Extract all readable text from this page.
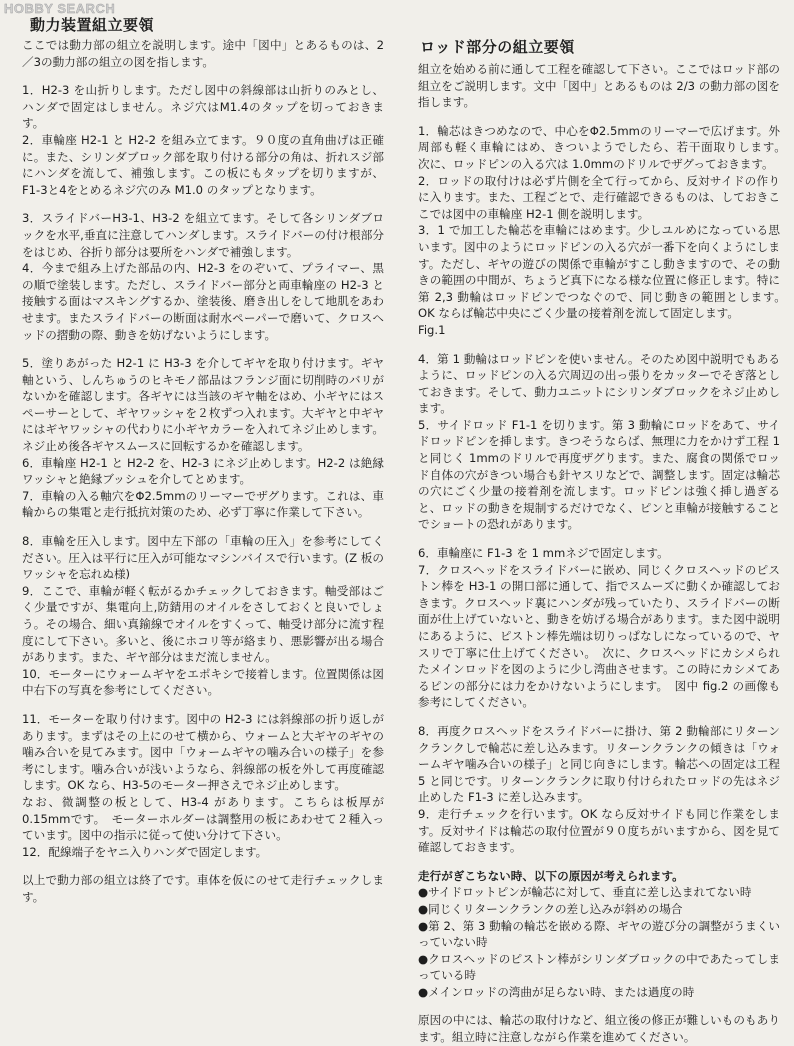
HOBBY SEARCH
動力装置組立要領

ここでは動力部の組立を説明します。途中「図中」とあるものは、2／3の動力部の組立の図を指します。

1．H2-3 を山折りします。ただし図中の斜線部は山折りのみとし、ハンダで固定はしません。ネジ穴はM1.4のタップを切っておきます。

2．車輪座 H2-1 と H2-2 を組み立てます。９０度の直角曲げは正確に。また、シリンダブロック部を取り付ける部分の角は、折れスジ部にハンダを流して、補強します。この板にもタップを切りますが、F1-3と4をとめるネジ穴のみ M1.0 のタップとなります。

3．スライドバーH3-1、H3-2 を組立てます。そして各シリンダブロックを水平,垂直に注意してハンダします。スライドバーの付け根部分をはじめ、谷折り部分は要所をハンダで補強します。

4．今まで組み上げた部品の内、H2-3 をのぞいて、プライマー、黒の順で塗装します。ただし、スライドバー部分と両車輪座の H2-3 と接触する面はマスキングするか、塗装後、磨き出しをして地肌をあわせます。またスライドバーの断面は耐水ペーパーで磨いて、クロスヘッドの摺動の際、動きを妨げないようにします。

5．塗りあがった H2-1 に H3-3 を介してギヤを取り付けます。ギヤ軸という、しんちゅうのヒキモノ部品はフランジ面に切削時のバリがないかを確認します。各ギヤには当該のギヤ軸をはめ、小ギヤにはスペーサーとして、ギヤワッシャを２枚ずつ入れます。大ギヤと中ギヤにはギヤワッシャの代わりに小ギヤカラーを入れてネジ止めします。ネジ止め後各ギヤスムースに回転するかを確認します。

6．車輪座 H2-1 と H2-2 を、H2-3 にネジ止めします。H2-2 は絶縁ワッシャと絶縁ブッシュを介してとめます。

7．車輪の入る軸穴をΦ2.5mmのリーマーでザグります。これは、車輪からの集電と走行抵抗対策のため、必ず丁寧に作業して下さい。

8．車輪を圧入します。図中左下部の「車輪の圧入」を参考にしてください。圧入は平行に圧入が可能なマシンバイスで行います。(Z 板のワッシャを忘れぬ様)

9．ここで、車輪が軽く転がるかチェックしておきます。軸受部はごく少量ですが、集電向上,防錆用のオイルをさしておくと良いでしょう。その場合、細い真鍮線でオイルをすくって、軸受け部分に流す程度にして下さい。多いと、後にホコリ等が絡まり、悪影響が出る場合があります。また、ギヤ部分はまだ流しません。

10．モーターにウォームギヤをエポキシで接着します。位置関係は図中右下の写真を参考にしてください。

11．モーターを取り付けます。図中の H2-3 には斜線部の折り返しがあります。まずはその上にのせて横から、ウォームと大ギヤのギヤの噛み合いを見てみます。図中「ウォームギヤの噛み合いの様子」を参考にします。噛み合いが浅いようなら、斜線部の板を外して再度確認します。OK なら、H3-5のモーター押さえでネジ止めします。

なお、微調整の板として、H3-4 があります。こちらは板厚が0.15mmです。　モーターホルダーは調整用の板にあわせて２種入っています。図中の指示に従って使い分けて下さい。

12．配線端子をヤニ入りハンダで固定します。

以上で動力部の組立は終了です。車体を仮にのせて走行チェックします。

ロッド部分の組立要領

組立を始める前に通して工程を確認して下さい。ここではロッド部の組立をご説明します。文中「図中」とあるものは 2/3 の動力部の図を指します。

1．輪芯はきつめなので、中心をΦ2.5mmのリーマーで広げます。外周部も軽く車輪にはめ、きついようでしたら、若干面取りします。　次に、ロッドピンの入る穴は 1.0mmのドリルでザグっておきます。

2．ロッドの取付けは必ず片側を全て行ってから、反対サイドの作りに入ります。また、工程ごとで、走行確認できるものは、しておきここでは図中の車輪座 H2-1 側を説明します。

3．1 で加工した輪芯を車輪にはめます。少しユルめになっている思います。図中のようにロッドピンの入る穴が一番下を向くようにします。ただし、ギヤの遊びの関係で車輪がすこし動きますので、その動きの範囲の中間が、ちょうど真下になる様な位置に修正します。特に第 2,3 動輪はロッドピンでつなぐので、同じ動きの範囲とします。　OK ならば輪芯中央にごく少量の接着剤を流して固定します。

Fig.1

4．第 1 動輪はロッドピンを使いません。そのため図中説明でもあるように、ロッドピンの入る穴周辺の出っ張りをカッターでそぎ落としておきます。そして、動力ユニットにシリンダブロックをネジ止めします。

5．サイドロッド F1-1 を切ります。第 3 動輪にロッドをあて、サイドロッドピンを挿します。きつそうならば、無理に力をかけず工程 1 と同じく 1mmのドリルで再度ザグります。また、腐食の関係でロッド自体の穴がきつい場合も針ヤスリなどで、調整します。固定は輪芯の穴にごく少量の接着剤を流します。ロッドピンは強く挿し過ぎると、ロッドの動きを規制するだけでなく、ピンと車輪が接触することでショートの恐れがあります。

6．車輪座に F1-3 を 1 mmネジで固定します。

7．クロスヘッドをスライドバーに嵌め、同じくクロスヘッドのピストン棒を H3-1 の開口部に通して、指でスムーズに動くか確認しておきます。クロスヘッド裏にハンダが残っていたり、スライドバーの断面が仕上げていないと、動きを妨げる場合があります。また図中説明にあるように、ピストン棒先端は切りっぱなしになっているので、ヤスリで丁寧に仕上げてください。　次に、クロスヘッドにカシメられたメインロッドを図のように少し湾曲させます。この時にカシメてあるピンの部分には力をかけないようにします。　図中 fig.2 の画像も参考にしてください。

8．再度クロスヘッドをスライドバーに掛け、第 2 動輪部にリターンクランクしで輪芯に差し込みます。リターンクランクの傾きは「ウォームギヤ噛み合いの様子」と同じ向きにします。輪芯への固定は工程 5 と同じです。リターンクランクに取り付けられたロッドの先はネジ止めした F1-3 に差し込みます。

9．走行チェックを行います。OK なら反対サイドも同じ作業をします。反対サイドは輪芯の取付位置が９０度ちがいますから、図を見て確認しておきます。

走行がぎこちない時、以下の原因が考えられます。

●サイドロットピンが輪芯に対して、垂直に差し込まれてない時

●同じくリターンクランクの差し込みが斜めの場合

●第 2、第 3 動輪の輪芯を嵌める際、ギヤの遊び分の調整がうまくいっていない時

●クロスヘッドのピストン棒がシリンダブロックの中であたってしまっている時

●メインロッドの湾曲が足らない時、または過度の時

原因の中には、輪芯の取付けなど、組立後の修正が難しいものもあります。組立時に注意しながら作業を進めてください。
